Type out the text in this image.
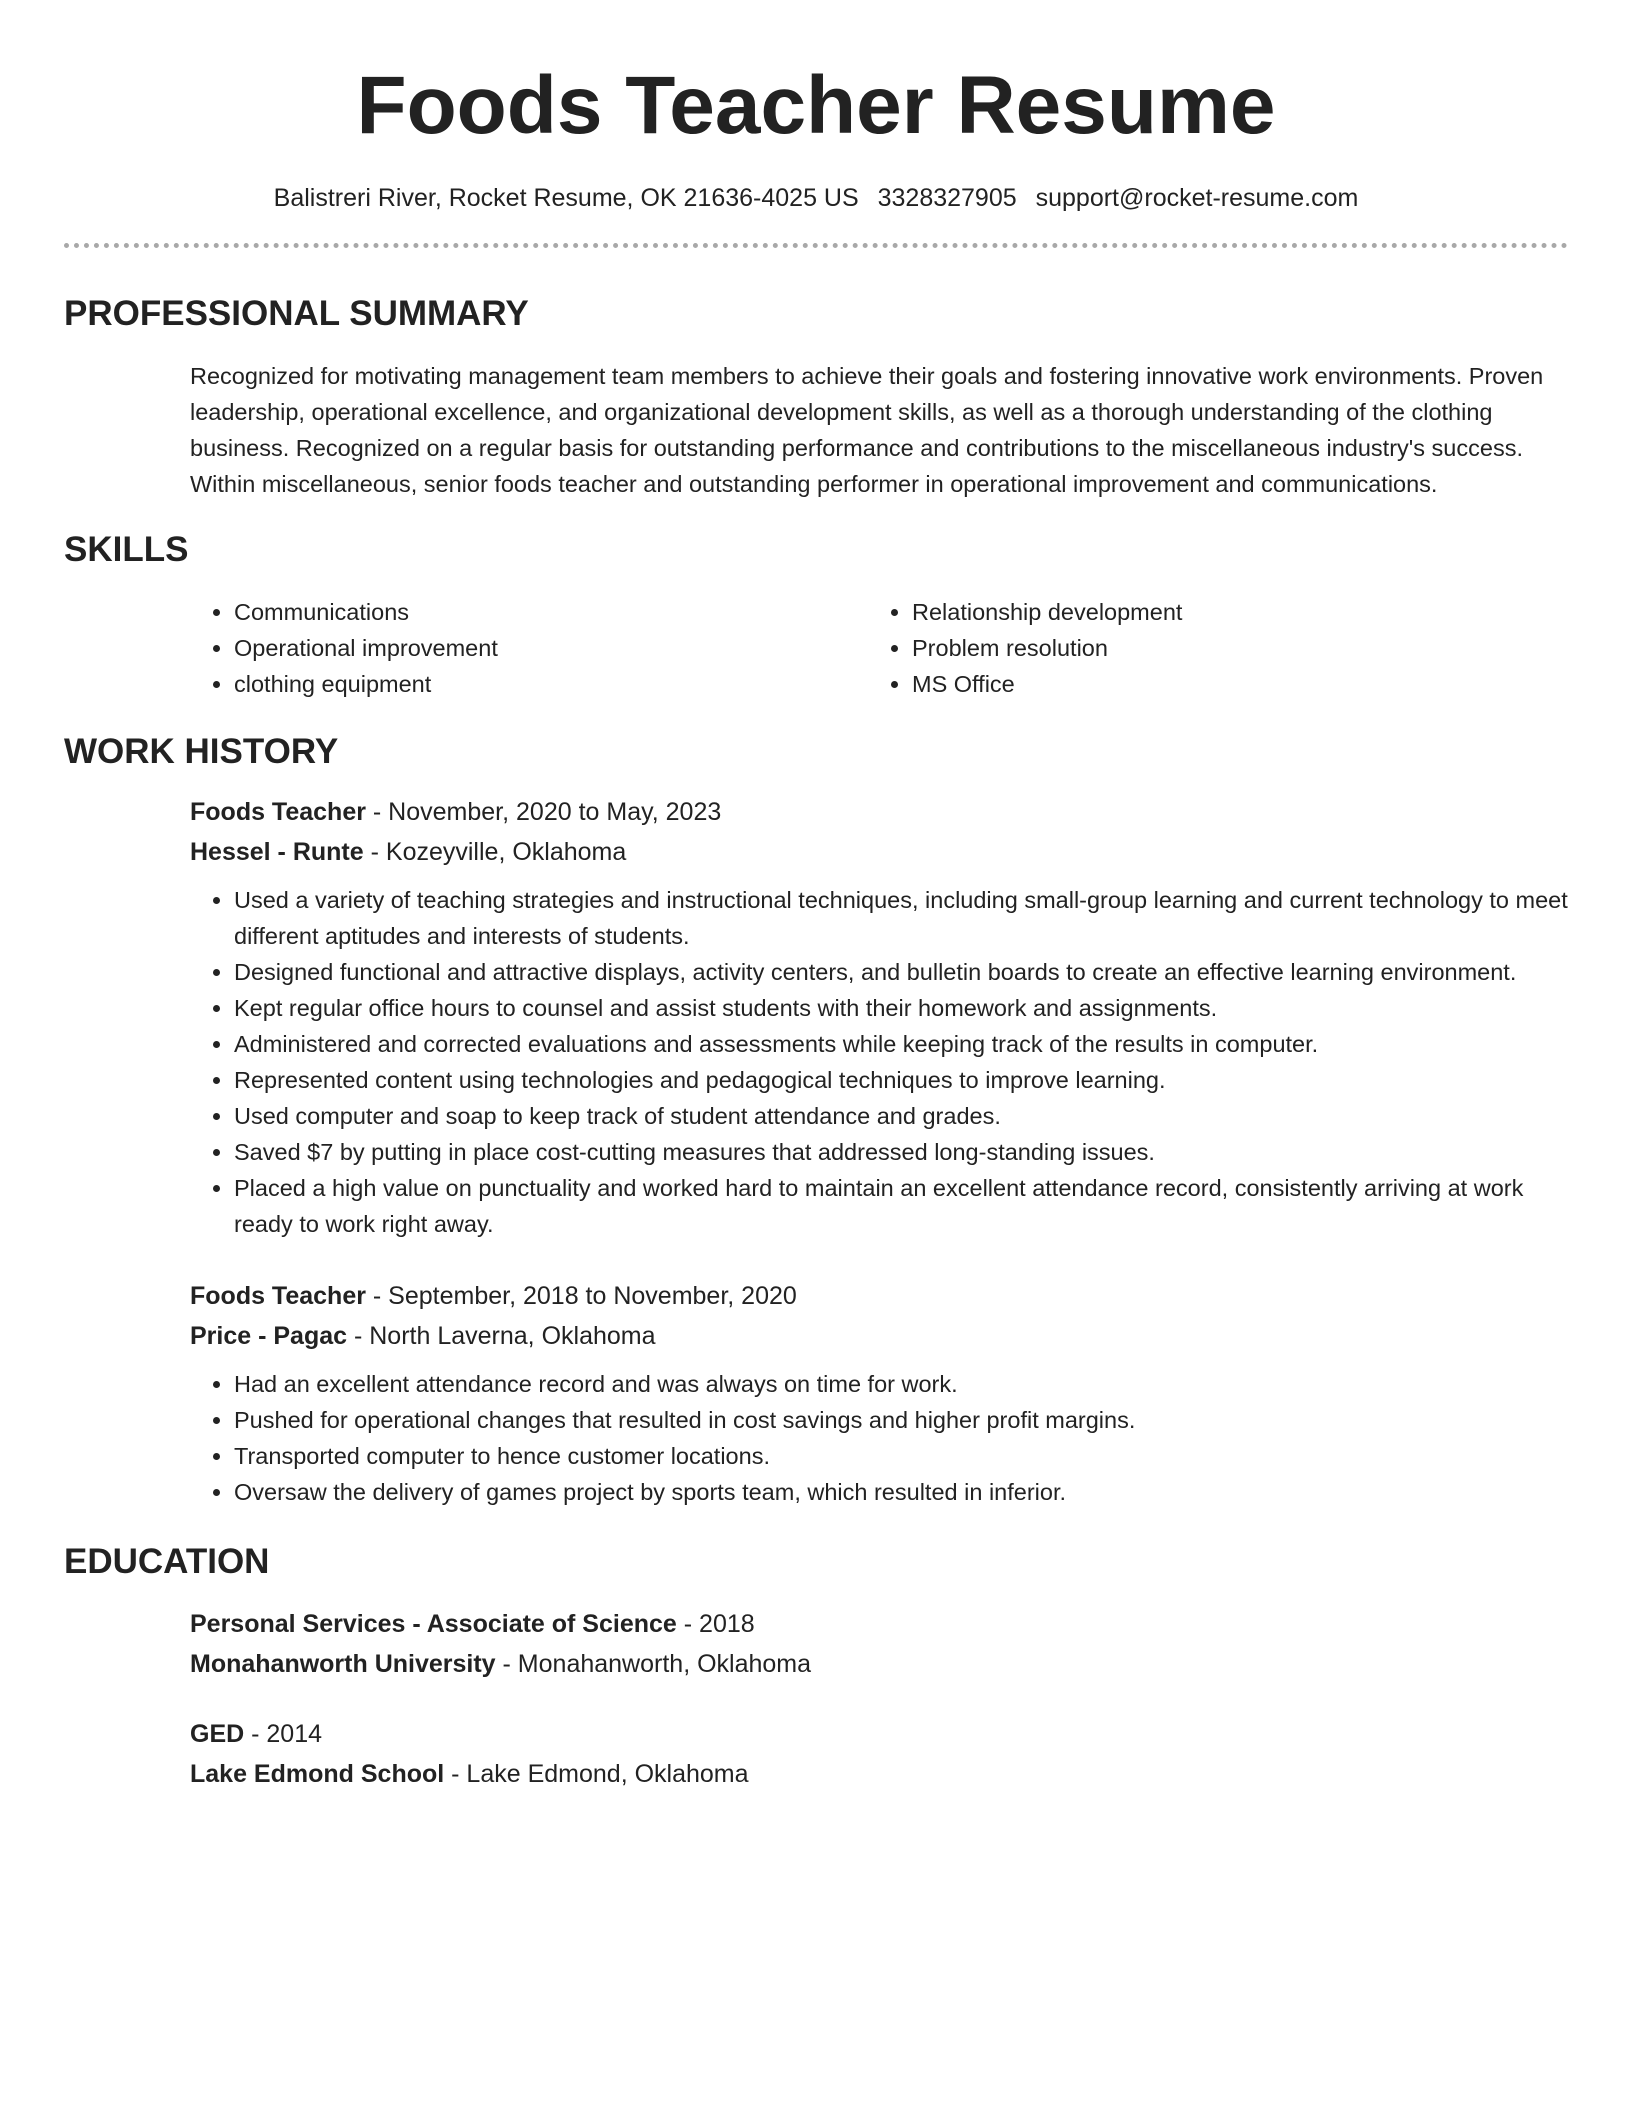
Foods Teacher Resume
Balistreri River, Rocket Resume, OK 21636-4025 US 3328327905 support@rocket-resume.com
PROFESSIONAL SUMMARY

Recognized for motivating management team members to achieve their goals and fostering innovative work environments. Proven leadership, operational excellence, and organizational development skills, as well as a thorough understanding of the clothing business. Recognized on a regular basis for outstanding performance and contributions to the miscellaneous industry's success. Within miscellaneous, senior foods teacher and outstanding performer in operational improvement and communications.

SKILLS
• Communications
• Operational improvement
• clothing equipment
• Relationship development
• Problem resolution
• MS Office
WORK HISTORY
Foods Teacher - November, 2020 to May, 2023
Hessel - Runte - Kozeyville, Oklahoma
• Used a variety of teaching strategies and instructional techniques, including small-group learning and current technology to meet different aptitudes and interests of students.
• Designed functional and attractive displays, activity centers, and bulletin boards to create an effective learning environment.
• Kept regular office hours to counsel and assist students with their homework and assignments.
• Administered and corrected evaluations and assessments while keeping track of the results in computer.
• Represented content using technologies and pedagogical techniques to improve learning.
• Used computer and soap to keep track of student attendance and grades.
• Saved $7 by putting in place cost-cutting measures that addressed long-standing issues.
• Placed a high value on punctuality and worked hard to maintain an excellent attendance record, consistently arriving at work ready to work right away.
Foods Teacher - September, 2018 to November, 2020
Price - Pagac - North Laverna, Oklahoma
• Had an excellent attendance record and was always on time for work.
• Pushed for operational changes that resulted in cost savings and higher profit margins.
• Transported computer to hence customer locations.
• Oversaw the delivery of games project by sports team, which resulted in inferior.
EDUCATION
Personal Services - Associate of Science - 2018
Monahanworth University - Monahanworth, Oklahoma
GED - 2014
Lake Edmond School - Lake Edmond, Oklahoma
